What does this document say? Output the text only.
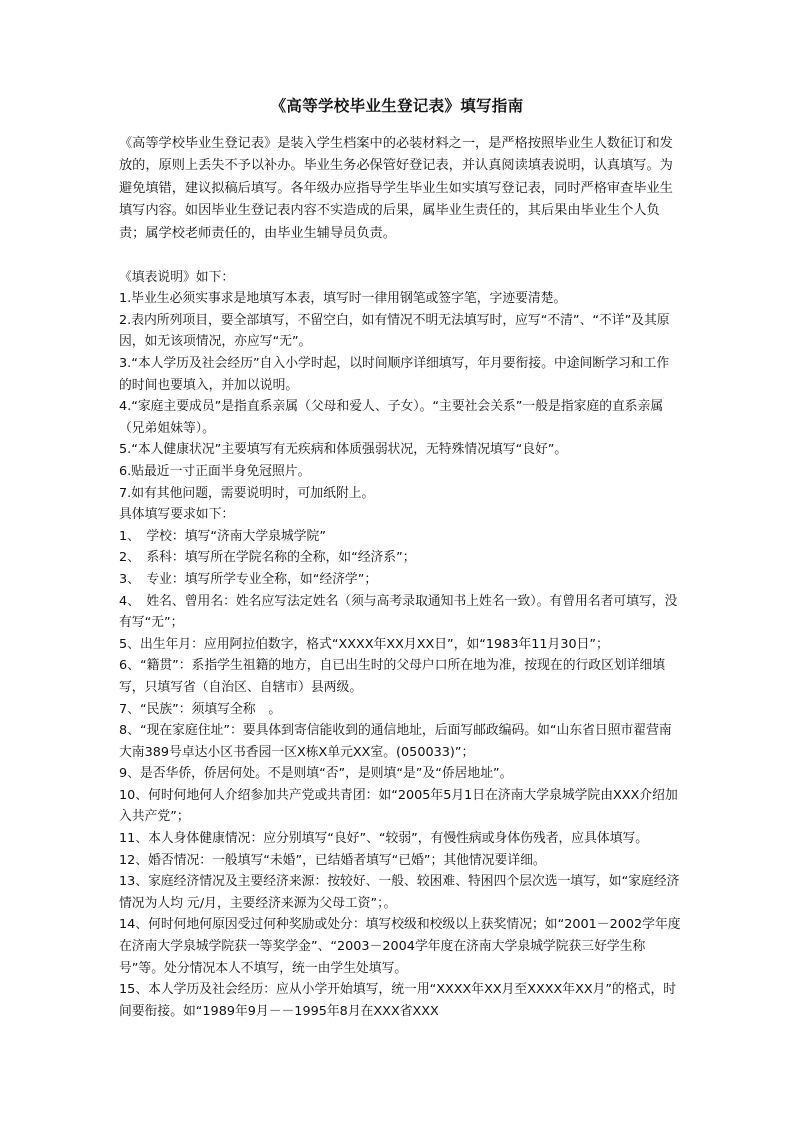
《高等学校毕业生登记表》填写指南

《高等学校毕业生登记表》是装入学生档案中的必装材料之一，是严格按照毕业生人数征订和发放的，原则上丢失不予以补办。毕业生务必保管好登记表，并认真阅读填表说明，认真填写。为避免填错，建议拟稿后填写。各年级办应指导学生毕业生如实填写登记表，同时严格审查毕业生填写内容。如因毕业生登记表内容不实造成的后果，属毕业生责任的，其后果由毕业生个人负责；属学校老师责任的，由毕业生辅导员负责。

《填表说明》如下：

1.毕业生必须实事求是地填写本表，填写时一律用钢笔或签字笔，字迹要清楚。

2.表内所列项目，要全部填写，不留空白，如有情况不明无法填写时，应写“不清”、“不详”及其原因，如无该项情况，亦应写“无”。

3.“本人学历及社会经历”自入小学时起，以时间顺序详细填写，年月要衔接。中途间断学习和工作的时间也要填入，并加以说明。

4.“家庭主要成员”是指直系亲属（父母和爱人、子女）。“主要社会关系”一般是指家庭的直系亲属（兄弟姐妹等）。

5.“本人健康状况”主要填写有无疾病和体质强弱状况，无特殊情况填写“良好”。

6.贴最近一寸正面半身免冠照片。

7.如有其他问题，需要说明时，可加纸附上。

具体填写要求如下：

1、　学校：填写“济南大学泉城学院”

2、　系科：填写所在学院名称的全称，如“经济系”；

3、　专业：填写所学专业全称，如“经济学”；

4、　姓名、曾用名：姓名应写法定姓名（须与高考录取通知书上姓名一致）。有曾用名者可填写，没有写“无”；

5、出生年月：应用阿拉伯数字，格式“XXXX年XX月XX日”，如“1983年11月30日”；

6、“籍贯”：系指学生祖籍的地方，自已出生时的父母户口所在地为准，按现在的行政区划详细填写，只填写省（自治区、自辖市）县两级。

7、“民族”：须填写全称　。

8、“现在家庭住址”：要具体到寄信能收到的通信地址，后面写邮政编码。如“山东省日照市翟营南大南389号卓达小区书香园一区X栋X单元XX室。(050033)”；

9、是否华侨，侨居何处。不是则填“否”，是则填“是”及“侨居地址”。

10、何时何地何人介绍参加共产党或共青团：如“2005年5月1日在济南大学泉城学院由XXX介绍加入共产党”；

11、本人身体健康情况：应分别填写“良好”、“较弱”，有慢性病或身体伤残者，应具体填写。

12、婚否情况：一般填写“未婚”，已结婚者填写“已婚”；其他情况要详细。

13、家庭经济情况及主要经济来源：按较好、一般、较困难、特困四个层次选一填写，如“家庭经济情况为人均 元/月，主要经济来源为父母工资”；。

14、何时何地何原因受过何种奖励或处分：填写校级和校级以上获奖情况；如“2001－2002学年度在济南大学泉城学院获一等奖学金”、“2003－2004学年度在济南大学泉城学院获三好学生称号”等。处分情况本人不填写，统一由学生处填写。

15、本人学历及社会经历：应从小学开始填写，统一用“XXXX年XX月至XXXX年XX月”的格式，时间要衔接。如“1989年9月－－1995年8月在XXX省XXX
